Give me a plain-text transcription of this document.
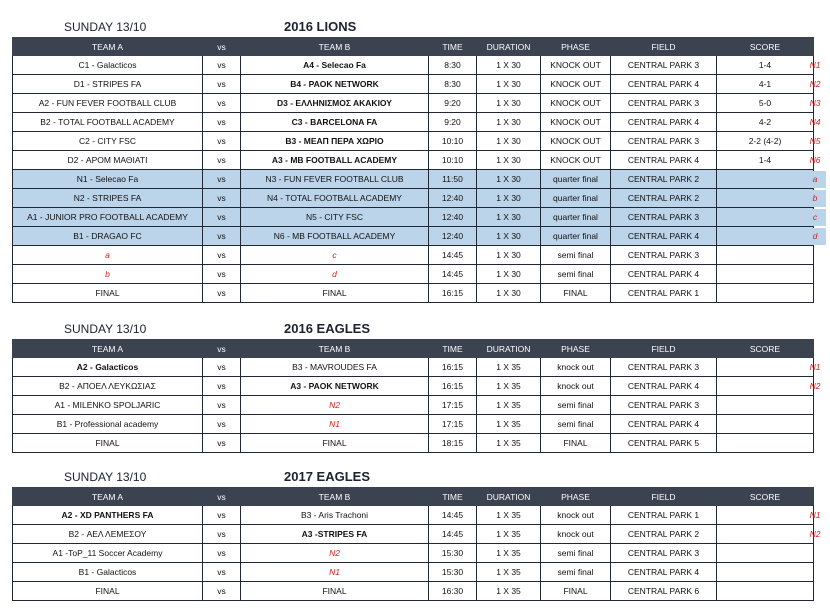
SUNDAY 13/10	2016 LIONS
TEAM A	vs	TEAM B	TIME	DURATION	PHASE	FIELD	SCORE
C1 - Galacticos	vs	A4 - Selecao Fa	8:30	1 X 30	KNOCK OUT	CENTRAL PARK 3	1-4
D1 - STRIPES FA	vs	B4 - PAOK NETWORK	8:30	1 X 30	KNOCK OUT	CENTRAL PARK 4	4-1
A2 - FUN FEVER FOOTBALL CLUB	vs	D3 - ΕΛΛΗΝΙΣΜΟΣ ΑΚΑΚΙΟΥ	9:20	1 X 30	KNOCK OUT	CENTRAL PARK 3	5-0
B2 - TOTAL FOOTBALL ACADEMY	vs	C3 - BARCELONA FA	9:20	1 X 30	KNOCK OUT	CENTRAL PARK 4	4-2
C2 - CITY FSC	vs	B3 - ΜΕΑΠ ΠΕΡΑ ΧΩΡΙΟ	10:10	1 X 30	KNOCK OUT	CENTRAL PARK 3	2-2 (4-2)
D2 - ΑΡΟΜ ΜΑΘΙΑΤΙ	vs	A3 - MB FOOTBALL ACADEMY	10:10	1 X 30	KNOCK OUT	CENTRAL PARK 4	1-4
N1 - Selecao Fa	vs	N3 - FUN FEVER FOOTBALL CLUB	11:50	1 X 30	quarter final	CENTRAL PARK 2	
N2 - STRIPES FA	vs	N4 - TOTAL FOOTBALL ACADEMY	12:40	1 X 30	quarter final	CENTRAL PARK 2	
A1 - JUNIOR PRO FOOTBALL ACADEMY	vs	N5 - CITY FSC	12:40	1 X 30	quarter final	CENTRAL PARK 3	
B1 - DRAGAO FC	vs	N6 - MB FOOTBALL ACADEMY	12:40	1 X 30	quarter final	CENTRAL PARK 4	
a	vs	c	14:45	1 X 30	semi final	CENTRAL PARK 3	
b	vs	d	14:45	1 X 30	semi final	CENTRAL PARK 4	
FINAL	vs	FINAL	16:15	1 X 30	FINAL	CENTRAL PARK 1	
N1
N2
N3
N4
N5
N6
a
b
c
d
SUNDAY 13/10	2016 EAGLES
TEAM A	vs	TEAM B	TIME	DURATION	PHASE	FIELD	SCORE
A2 - Galacticos	vs	B3 - MAVROUDES FA	16:15	1 X 35	knock out	CENTRAL PARK 3	
B2 - ΑΠΟΕΛ ΛΕΥΚΩΣΙΑΣ	vs	A3 - PAOK NETWORK	16:15	1 X 35	knock out	CENTRAL PARK 4	
A1 - MILENKO SPOLJARIC	vs	N2	17:15	1 X 35	semi final	CENTRAL PARK 3	
B1 - Professional academy	vs	N1	17:15	1 X 35	semi final	CENTRAL PARK 4	
FINAL	vs	FINAL	18:15	1 X 35	FINAL	CENTRAL PARK 5	
N1
N2
SUNDAY 13/10	2017 EAGLES
TEAM A	vs	TEAM B	TIME	DURATION	PHASE	FIELD	SCORE
A2 - XD PANTHERS FA	vs	B3 - Aris Trachoni	14:45	1 X 35	knock out	CENTRAL PARK 1	
B2 - ΑΕΛ ΛΕΜΕΣΟΥ	vs	A3 -STRIPES FA	14:45	1 X 35	knock out	CENTRAL PARK 2	
A1 -ToP_11 Soccer Academy	vs	N2	15:30	1 X 35	semi final	CENTRAL PARK 3	
B1 - Galacticos	vs	N1	15:30	1 X 35	semi final	CENTRAL PARK 4	
FINAL	vs	FINAL	16:30	1 X 35	FINAL	CENTRAL PARK 6	
N1
N2
